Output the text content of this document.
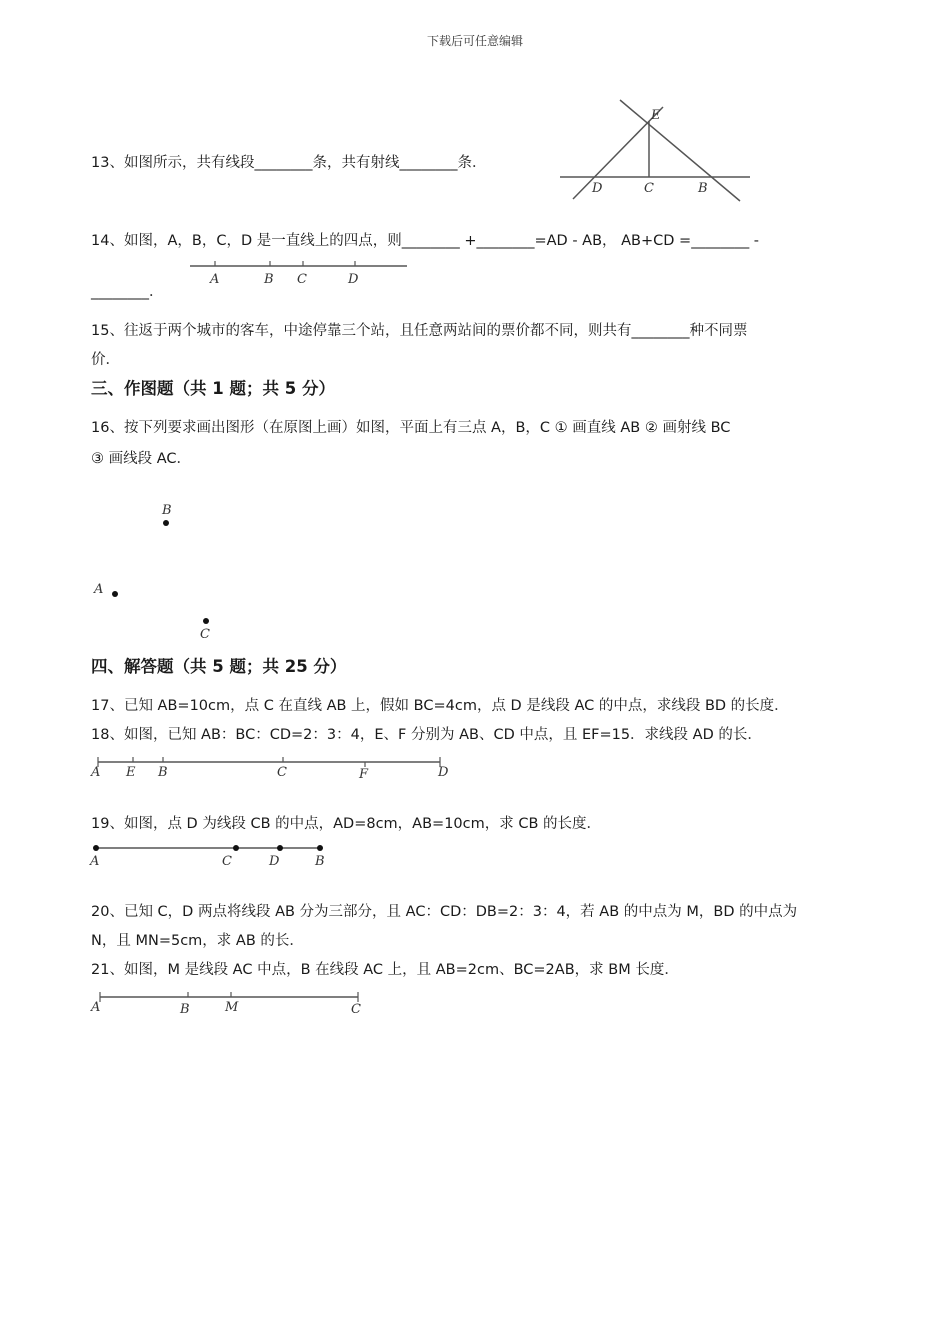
下载后可任意编辑
13、如图所示，共有线段________条，共有射线________条．
E
D	C	B
14、如图，A，B，C，D 是一直线上的四点，则________ +________=AD - AB， AB+CD =________ -
A	B C	D
________．
15、往返于两个城市的客车，中途停靠三个站，且任意两站间的票价都不同，则共有________种不同票
价．
三、作图题（共 1 题；共 5 分）
16、按下列要求画出图形（在原图上画）如图，平面上有三点 A，B，C ① 画直线 AB ② 画射线 BC
③ 画线段 AC．
B
A
C
四、解答题（共 5 题；共 25 分）
17、已知 AB=10cm，点 C 在直线 AB 上，假如 BC=4cm，点 D 是线段 AC 的中点，求线段 BD 的长度．
18、如图，已知 AB：BC：CD=2：3：4，E、F 分别为 AB、CD 中点，且 EF=15．求线段 AD 的长．
A E B	C	F	D
19、如图，点 D 为线段 CB 的中点，AD=8cm，AB=10cm，求 CB 的长度．
A	C	D	B
20、已知 C，D 两点将线段 AB 分为三部分，且 AC：CD：DB=2：3：4，若 AB 的中点为 M，BD 的中点为
N，且 MN=5cm，求 AB 的长．
21、如图，M 是线段 AC 中点，B 在线段 AC 上，且 AB=2cm、BC=2AB，求 BM 长度．
A	B	M	C
